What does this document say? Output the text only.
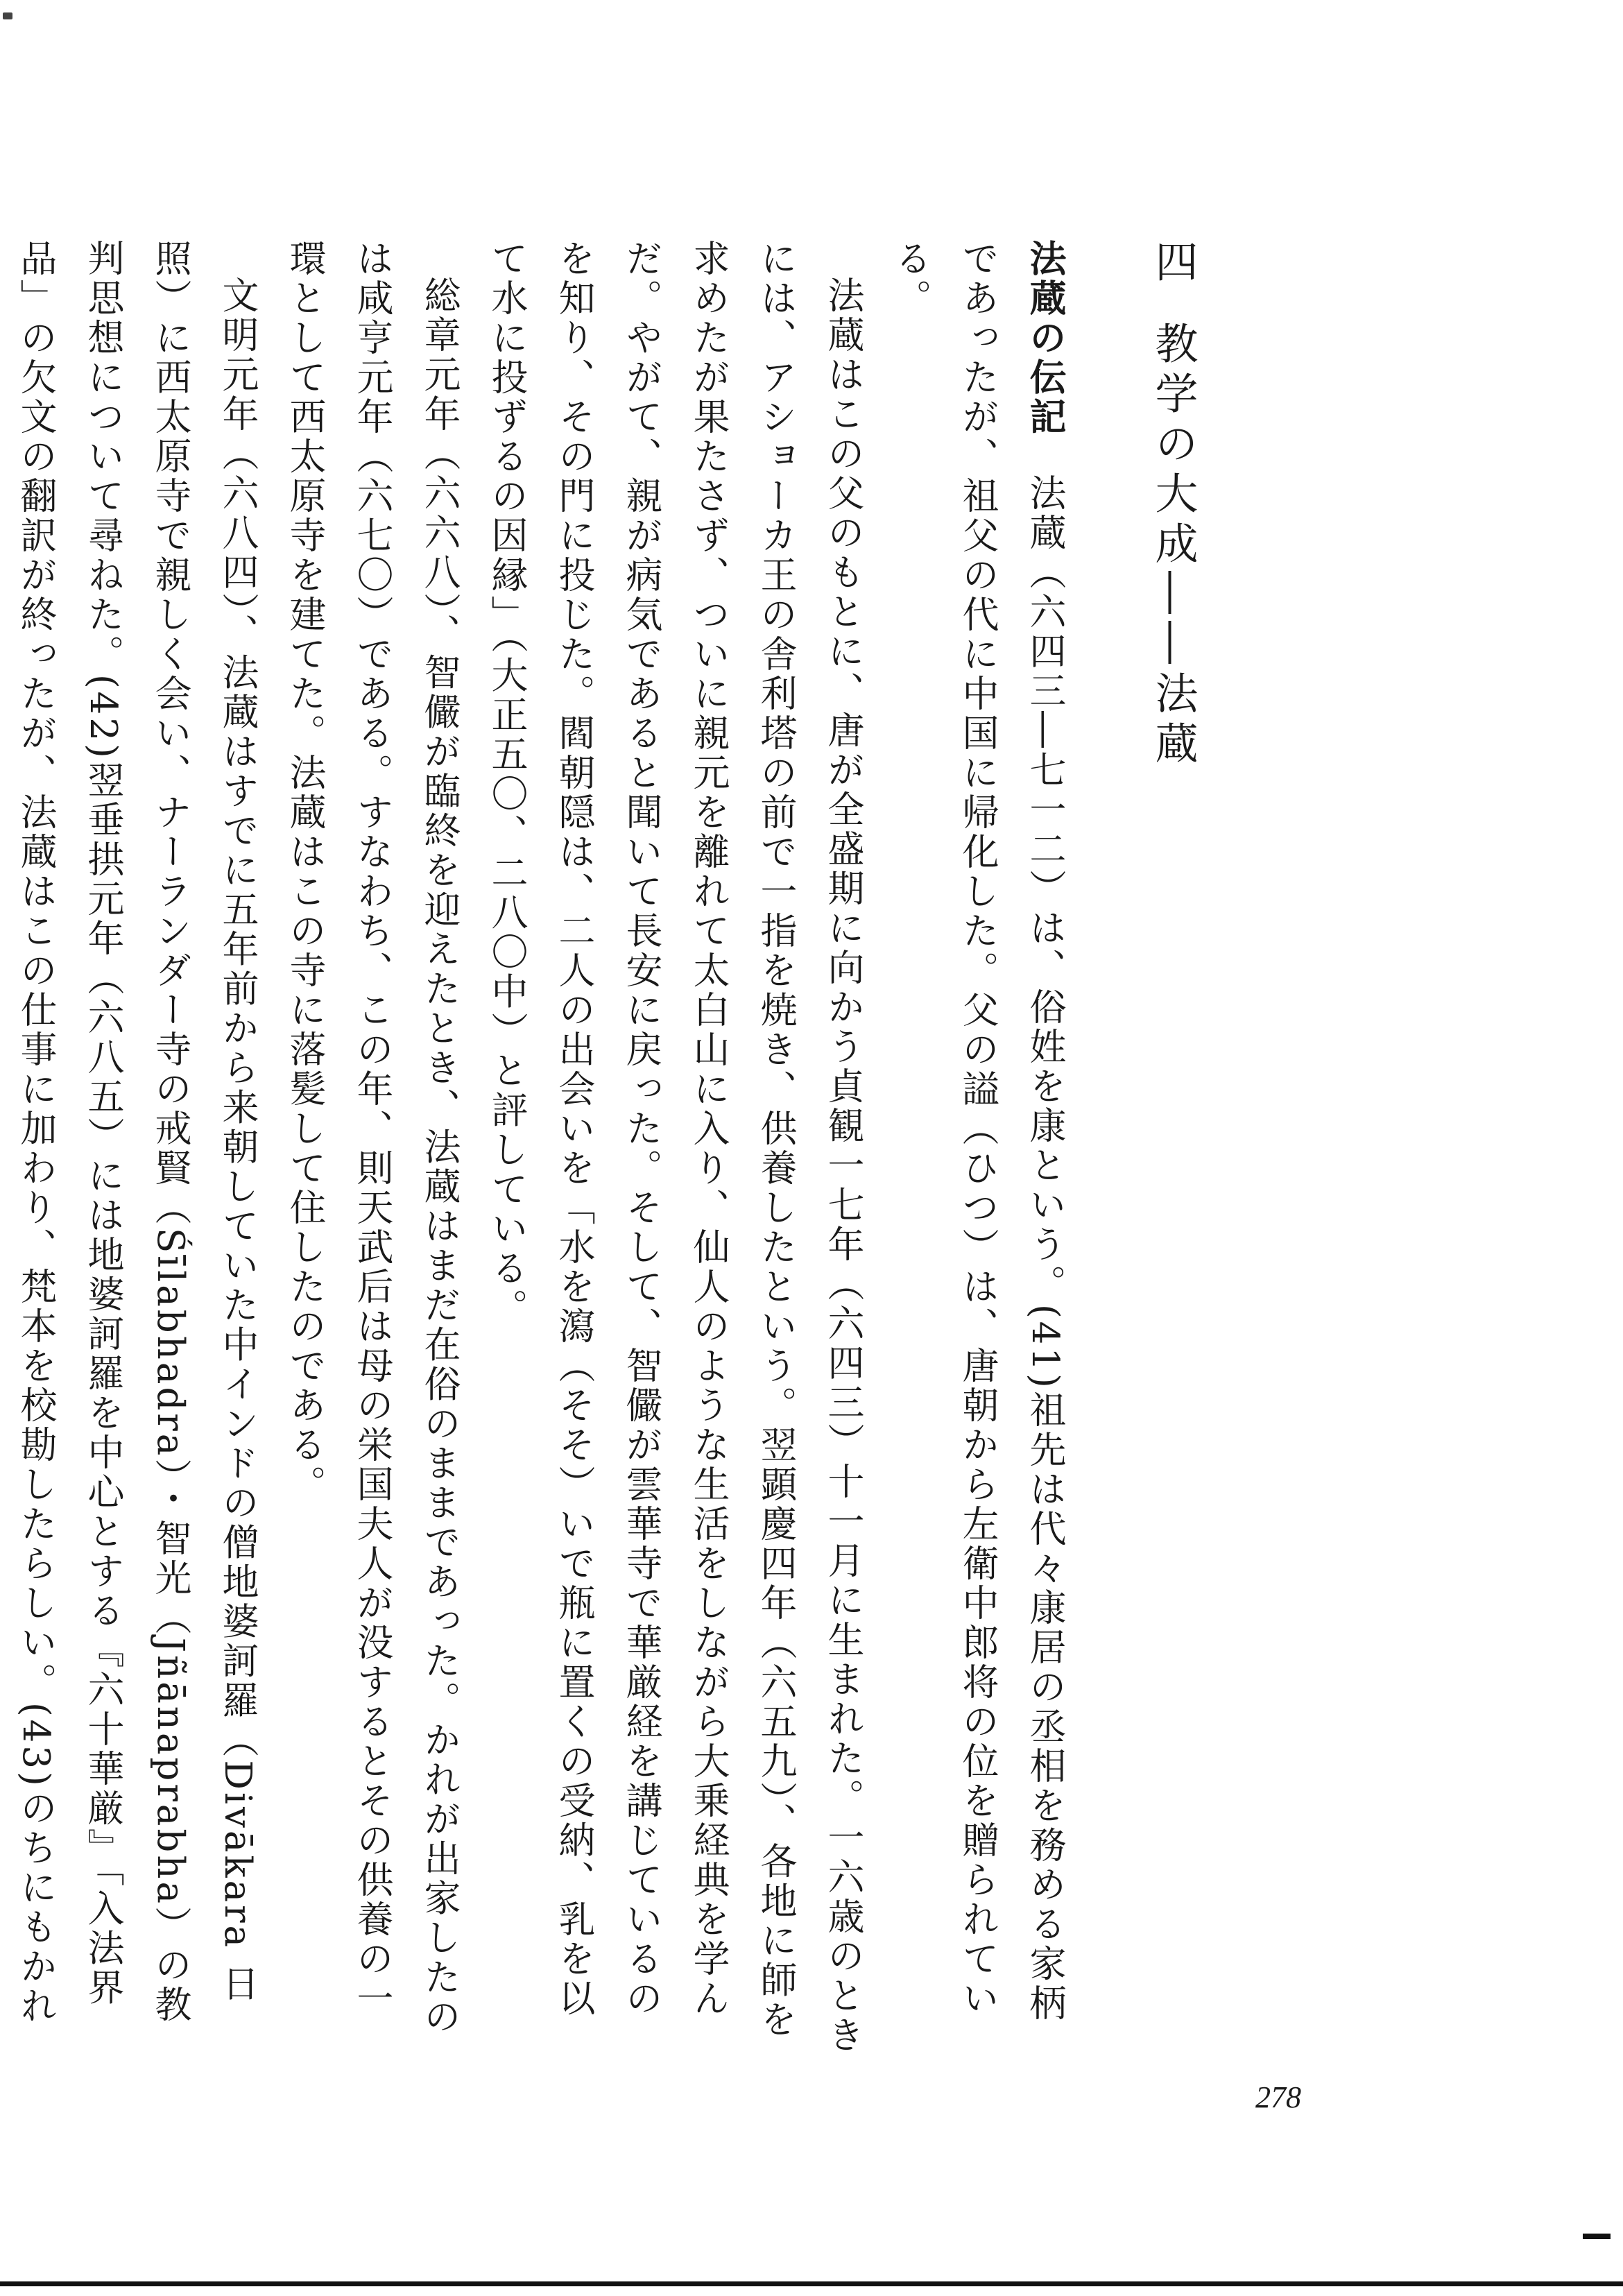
四教学の大成――法蔵

法蔵の伝記法蔵（六四三―七一二）は、俗姓を康という。(41)祖先は代々康居の丞相を務める家柄であったが、祖父の代に中国に帰化した。父の謚（ひつ）は、唐朝から左衛中郎将の位を贈られている。

法蔵はこの父のもとに、唐が全盛期に向かう貞観一七年（六四三）十一月に生まれた。一六歳のときには、アショーカ王の舎利塔の前で一指を焼き、供養したという。翌顕慶四年（六五九）、各地に師を求めたが果たさず、ついに親元を離れて太白山に入り、仙人のような生活をしながら大乗経典を学んだ。やがて、親が病気であると聞いて長安に戻った。そして、智儼が雲華寺で華厳経を講じているのを知り、その門に投じた。閻朝隠は、二人の出会いを「水を瀉（そそ）いで瓶に置くの受納、乳を以て水に投ずるの因縁」（大正五〇、二八〇中）と評している。

総章元年（六六八）、智儼が臨終を迎えたとき、法蔵はまだ在俗のままであった。かれが出家したのは咸亨元年（六七〇）である。すなわち、この年、則天武后は母の栄国夫人が没するとその供養の一環として西太原寺を建てた。法蔵はこの寺に落髪して住したのである。

文明元年（六八四）、法蔵はすでに五年前から来朝していた中インドの僧地婆訶羅（Divākara 日照）に西太原寺で親しく会い、ナーランダー寺の戒賢（Śīlabhadra）・智光（Jñānaprabha）の教判思想について尋ねた。(42)翌垂拱元年（六八五）には地婆訶羅を中心とする『六十華厳』「入法界品」の欠文の翻訳が終ったが、法蔵はこの仕事に加わり、梵本を校勘したらしい。(43)のちにもかれ

278
